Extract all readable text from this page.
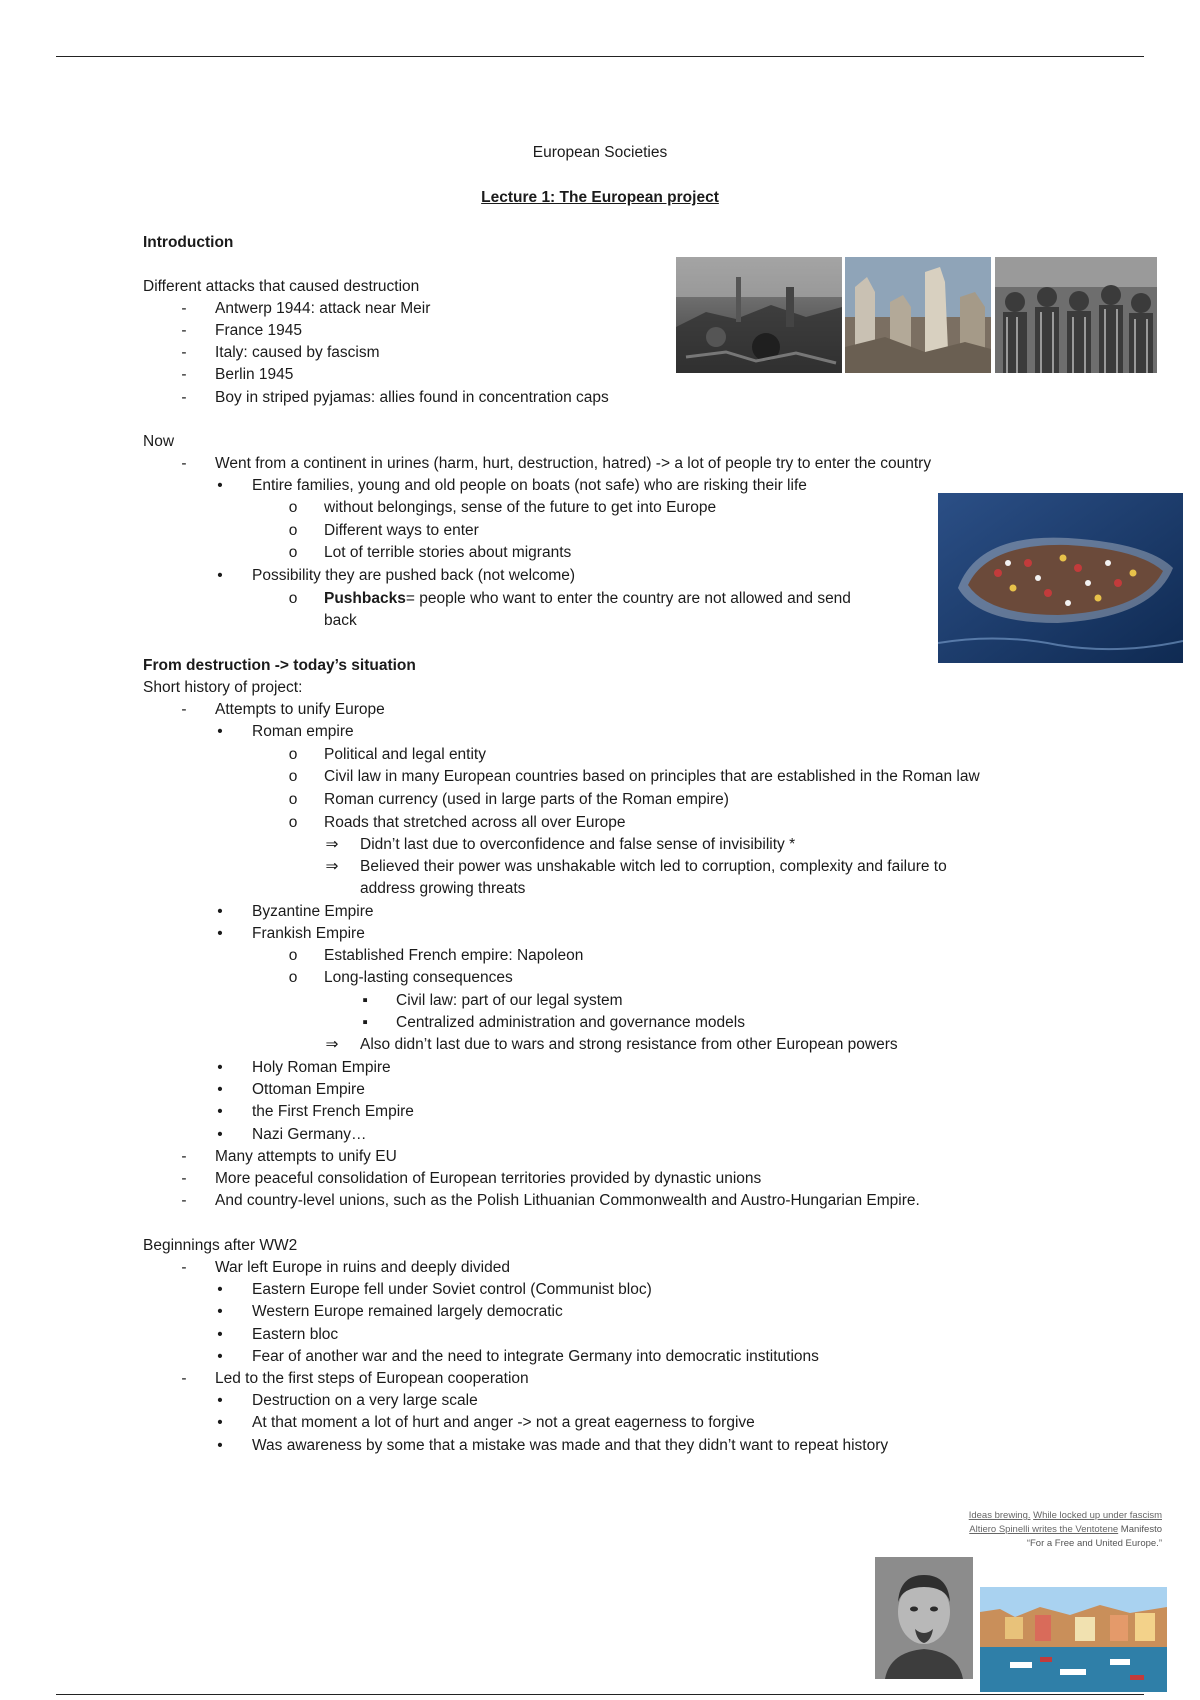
European Societies
Lecture 1: The European project
Introduction
Different attacks that caused destruction
- Antwerp 1944: attack near Meir
- France 1945
- Italy: caused by fascism
- Berlin 1945
- Boy in striped pyjamas: allies found in concentration caps
Now
- Went from a continent in urines (harm, hurt, destruction, hatred) -> a lot of people try to enter the country
• Entire families, young and old people on boats (not safe) who are risking their life
o without belongings, sense of the future to get into Europe
o Different ways to enter
o Lot of terrible stories about migrants
• Possibility they are pushed back (not welcome)
o Pushbacks= people who want to enter the country are not allowed and send
back
From destruction -> today’s situation
Short history of project:
- Attempts to unify Europe
• Roman empire
o Political and legal entity
o Civil law in many European countries based on principles that are established in the Roman law
o Roman currency (used in large parts of the Roman empire)
o Roads that stretched across all over Europe
⇒ Didn’t last due to overconfidence and false sense of invisibility *
⇒ Believed their power was unshakable witch led to corruption, complexity and failure to
address growing threats
• Byzantine Empire
• Frankish Empire
o Established French empire: Napoleon
o Long-lasting consequences
▪ Civil law: part of our legal system
▪ Centralized administration and governance models
⇒ Also didn’t last due to wars and strong resistance from other European powers
• Holy Roman Empire
• Ottoman Empire
• the First French Empire
• Nazi Germany…
- Many attempts to unify EU
- More peaceful consolidation of European territories provided by dynastic unions
- And country-level unions, such as the Polish Lithuanian Commonwealth and Austro-Hungarian Empire.
Beginnings after WW2
- War left Europe in ruins and deeply divided
• Eastern Europe fell under Soviet control (Communist bloc)
• Western Europe remained largely democratic
• Eastern bloc
• Fear of another war and the need to integrate Germany into democratic institutions
- Led to the first steps of European cooperation
• Destruction on a very large scale
• At that moment a lot of hurt and anger -> not a great eagerness to forgive
• Was awareness by some that a mistake was made and that they didn’t want to repeat history
Ideas brewing. While locked up under fascism Altiero Spinelli writes the Ventotene Manifesto “For a Free and United Europe.”
